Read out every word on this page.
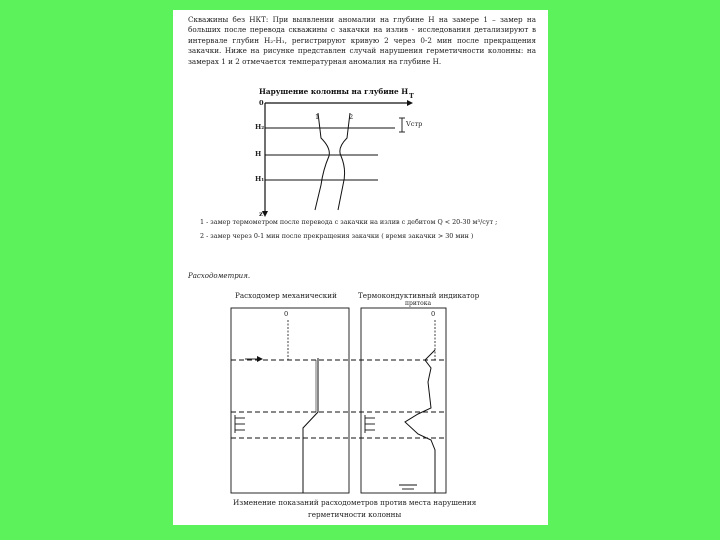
Скважины без НКТ: При выявлении аномалии на глубине Н на замере 1 – замер на больших после перевода скважины с закачки на излив - исследования детализируют в интервале глубин Н₂-Н₁, регистрируют кривую 2 через 0-2 мин после прекращения закачки. Ниже на рисунке представлен случай нарушения герметичности колонны: на замерах 1 и 2 отмечается температурная аномалия на глубине Н.
Нарушение колонны на глубине Н
0
T
z
Н₂
Н
Н₁
1	2
Vстр
1 - замер термометром после перевода с закачки на излив с дебитом Q < 20-30 м³/сут ;
2 - замер через 0-1 мин после прекращения закачки ( время закачки > 30 мин )
Расходометрия.
Расходомер механический	Термокондуктивный индикатор
притока
0	0
Изменение показаний расходометров против места нарушения
герметичности колонны
